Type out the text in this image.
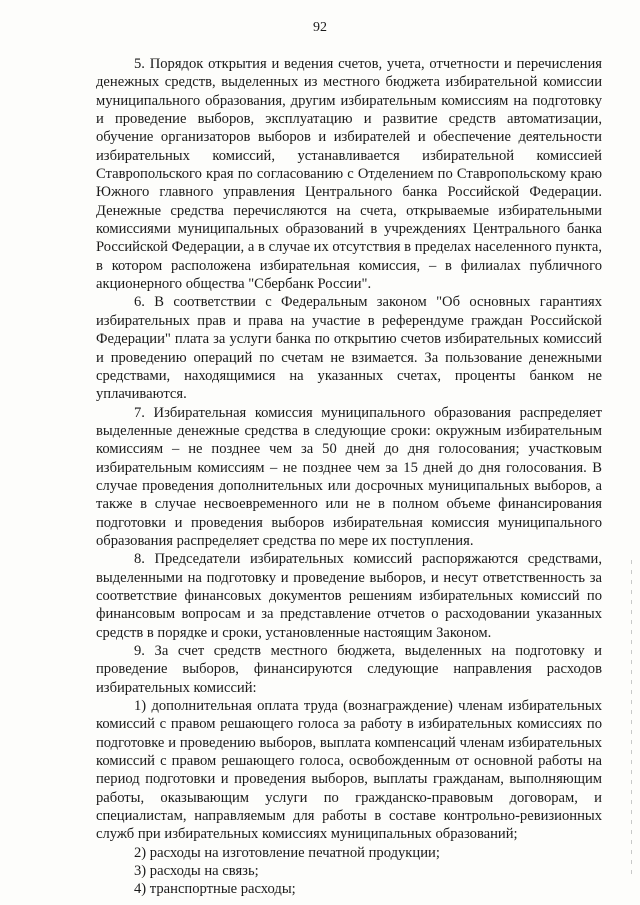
92

5. Порядок открытия и ведения счетов, учета, отчетности и перечисления денежных средств, выделенных из местного бюджета избирательной комиссии муниципального образования, другим избирательным комиссиям на подготовку и проведение выборов, эксплуатацию и развитие средств автоматизации, обучение организаторов выборов и избирателей и обеспечение деятельности избирательных комиссий, устанавливается избирательной комиссией Ставропольского края по согласованию с Отделением по Ставропольскому краю Южного главного управления Центрального банка Российской Федерации. Денежные средства перечисляются на счета, открываемые избирательными комиссиями муниципальных образований в учреждениях Центрального банка Российской Федерации, а в случае их отсутствия в пределах населенного пункта, в котором расположена избирательная комиссия, – в филиалах публичного акционерного общества "Сбербанк России".

6. В соответствии с Федеральным законом "Об основных гарантиях избирательных прав и права на участие в референдуме граждан Российской Федерации" плата за услуги банка по открытию счетов избирательных комиссий и проведению операций по счетам не взимается. За пользование денежными средствами, находящимися на указанных счетах, проценты банком не уплачиваются.

7. Избирательная комиссия муниципального образования распределяет выделенные денежные средства в следующие сроки: окружным избирательным комиссиям – не позднее чем за 50 дней до дня голосования; участковым избирательным комиссиям – не позднее чем за 15 дней до дня голосования. В случае проведения дополнительных или досрочных муниципальных выборов, а также в случае несвоевременного или не в полном объеме финансирования подготовки и проведения выборов избирательная комиссия муниципального образования распределяет средства по мере их поступления.

8. Председатели избирательных комиссий распоряжаются средствами, выделенными на подготовку и проведение выборов, и несут ответственность за соответствие финансовых документов решениям избирательных комиссий по финансовым вопросам и за представление отчетов о расходовании указанных средств в порядке и сроки, установленные настоящим Законом.

9. За счет средств местного бюджета, выделенных на подготовку и проведение выборов, финансируются следующие направления расходов избирательных комиссий:

1) дополнительная оплата труда (вознаграждение) членам избирательных комиссий с правом решающего голоса за работу в избирательных комиссиях по подготовке и проведению выборов, выплата компенсаций членам избирательных комиссий с правом решающего голоса, освобожденным от основной работы на период подготовки и проведения выборов, выплаты гражданам, выполняющим работы, оказывающим услуги по гражданско-правовым договорам, и специалистам, направляемым для работы в составе контрольно-ревизионных служб при избирательных комиссиях муниципальных образований;

2) расходы на изготовление печатной продукции;

3) расходы на связь;

4) транспортные расходы;
